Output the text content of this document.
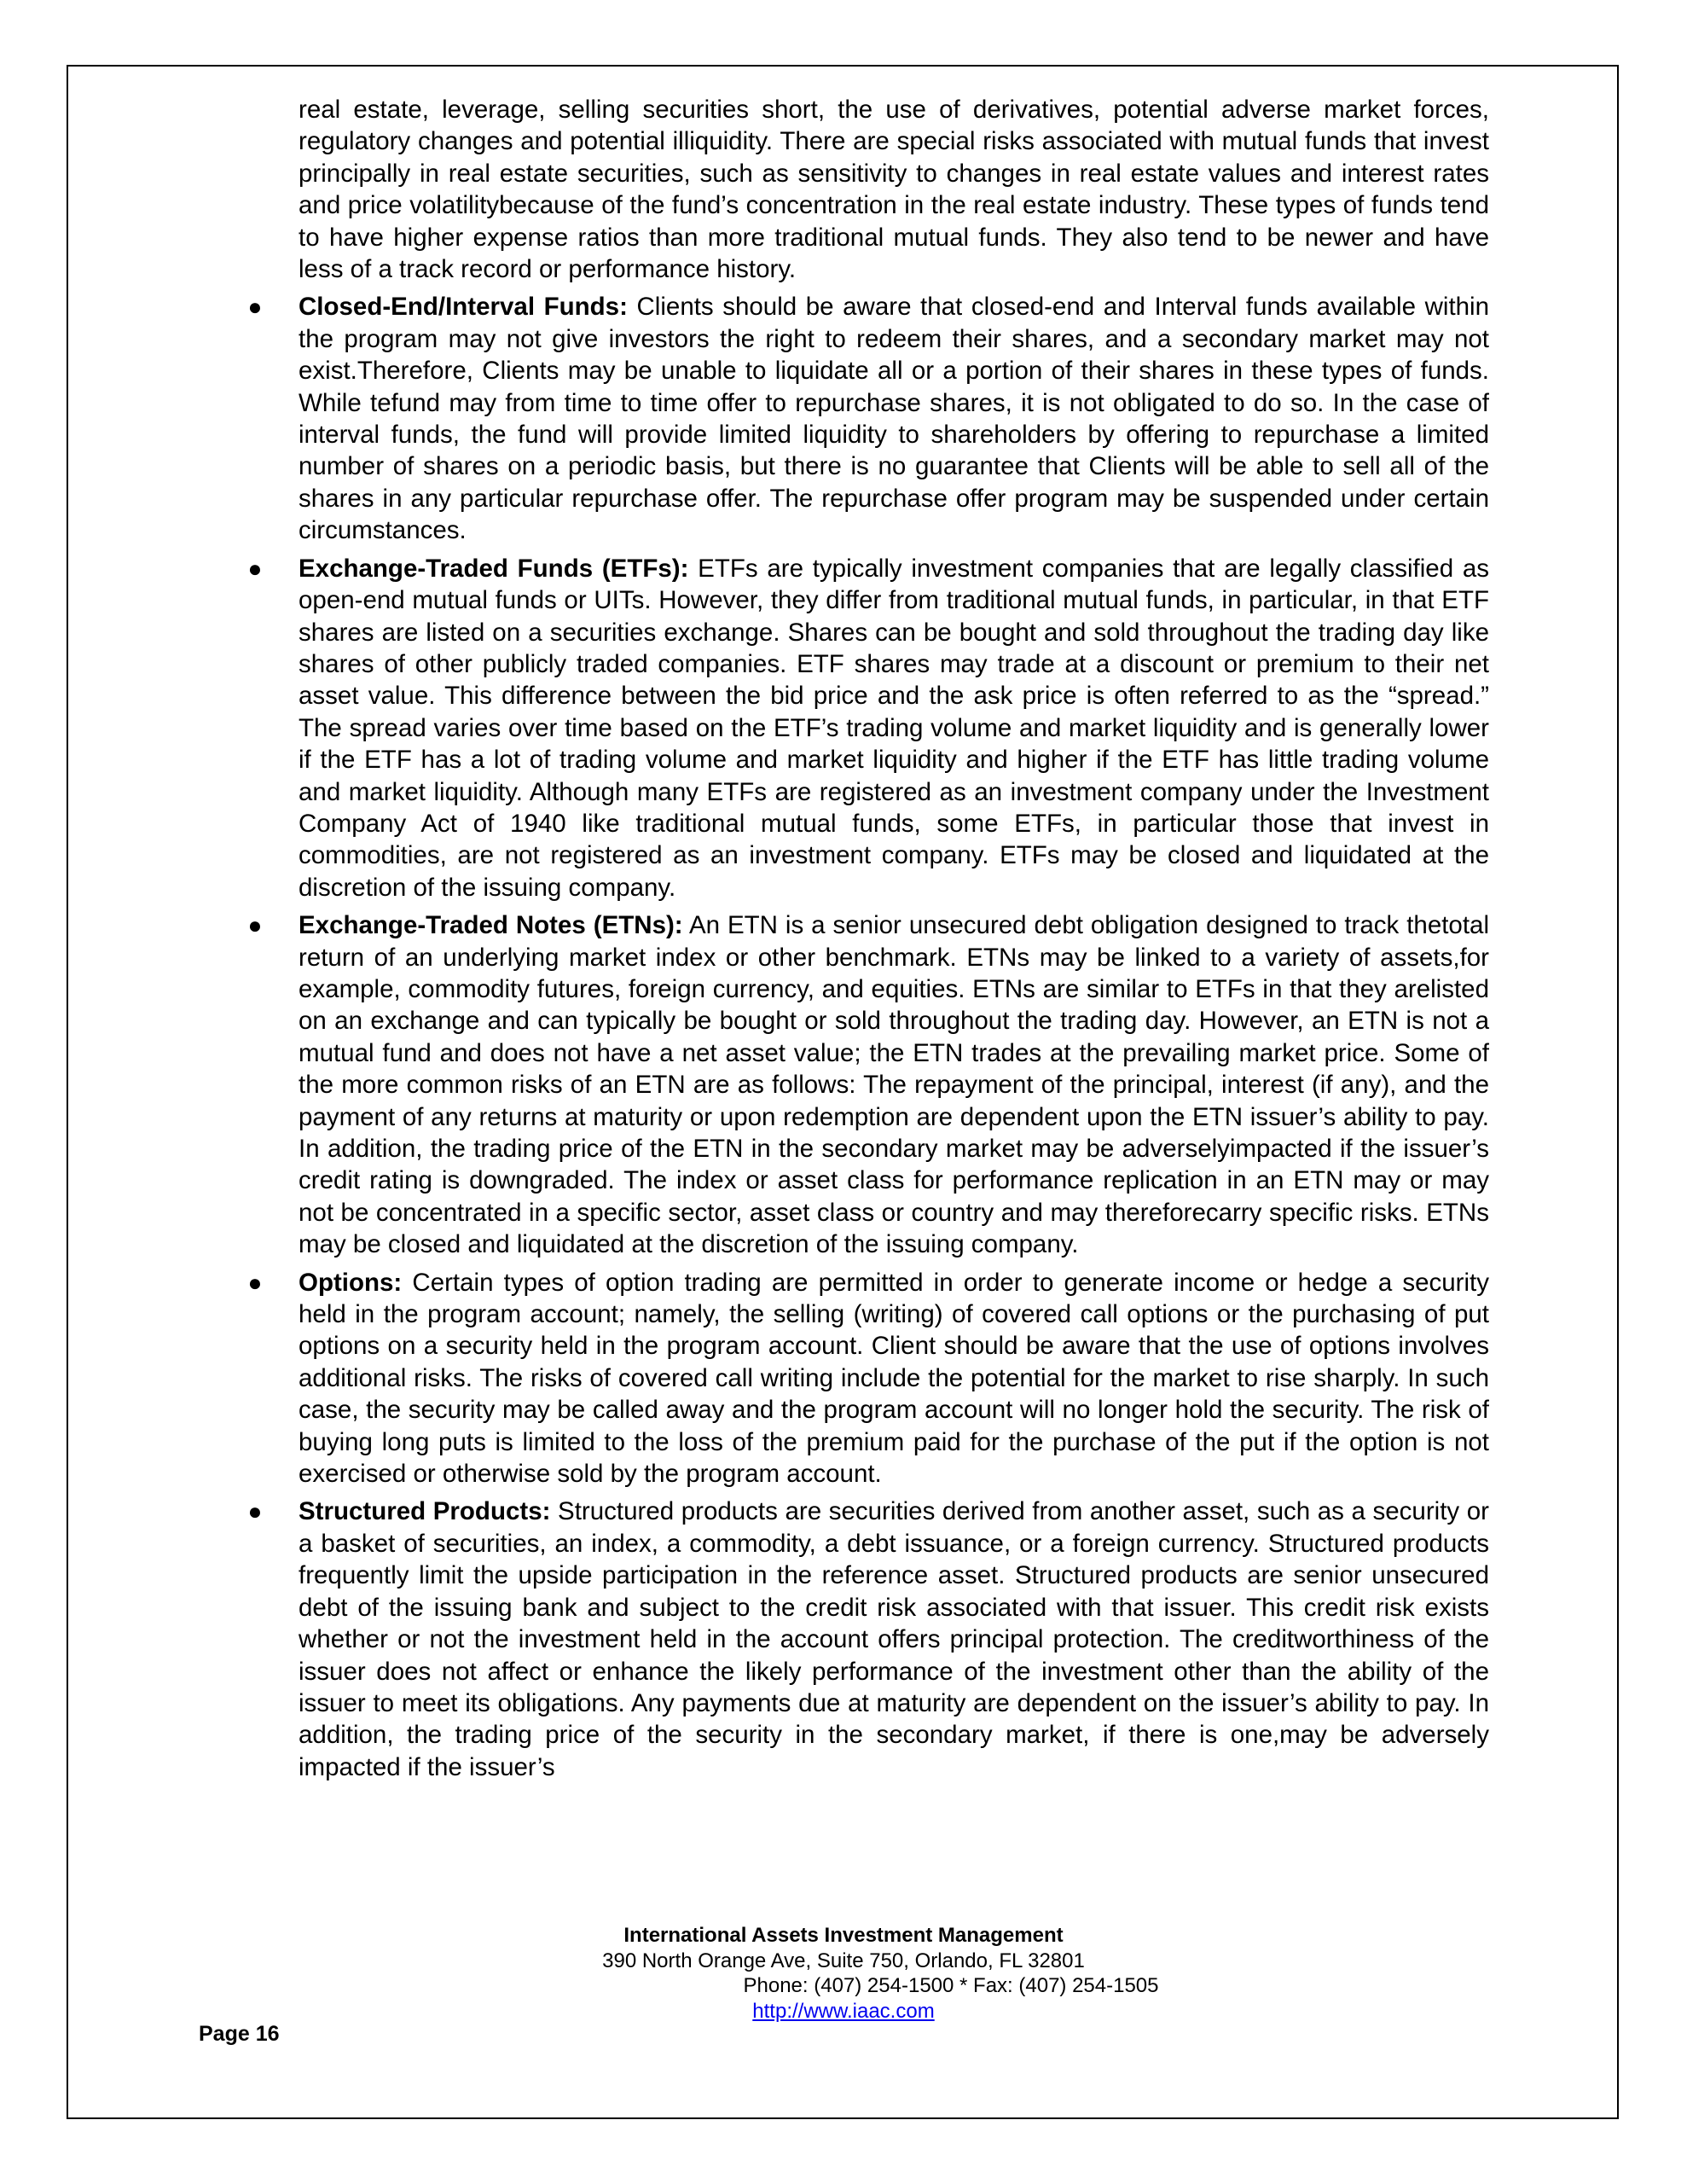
real estate, leverage, selling securities short, the use of derivatives, potential adverse market forces, regulatory changes and potential illiquidity. There are special risks associated with mutual funds that invest principally in real estate securities, such as sensitivity to changes in real estate values and interest rates and price volatilitybecause of the fund’s concentration in the real estate industry. These types of funds tend to have higher expense ratios than more traditional mutual funds. They also tend to be newer and have less of a track record or performance history.

● Closed-End/Interval Funds: Clients should be aware that closed-end and Interval funds available within the program may not give investors the right to redeem their shares, and a secondary market may not exist.Therefore, Clients may be unable to liquidate all or a portion of their shares in these types of funds. While tefund may from time to time offer to repurchase shares, it is not obligated to do so. In the case of interval funds, the fund will provide limited liquidity to shareholders by offering to repurchase a limited number of shares on a periodic basis, but there is no guarantee that Clients will be able to sell all of the shares in any particular repurchase offer. The repurchase offer program may be suspended under certain circumstances.
● Exchange-Traded Funds (ETFs): ETFs are typically investment companies that are legally classified as open-end mutual funds or UITs. However, they differ from traditional mutual funds, in particular, in that ETF shares are listed on a securities exchange. Shares can be bought and sold throughout the trading day like shares of other publicly traded companies. ETF shares may trade at a discount or premium to their net asset value. This difference between the bid price and the ask price is often referred to as the “spread.” The spread varies over time based on the ETF’s trading volume and market liquidity and is generally lower if the ETF has a lot of trading volume and market liquidity and higher if the ETF has little trading volume and market liquidity. Although many ETFs are registered as an investment company under the Investment Company Act of 1940 like traditional mutual funds, some ETFs, in particular those that invest in commodities, are not registered as an investment company. ETFs may be closed and liquidated at the discretion of the issuing company.
● Exchange-Traded Notes (ETNs): An ETN is a senior unsecured debt obligation designed to track thetotal return of an underlying market index or other benchmark. ETNs may be linked to a variety of assets,for example, commodity futures, foreign currency, and equities. ETNs are similar to ETFs in that they arelisted on an exchange and can typically be bought or sold throughout the trading day. However, an ETN is not a mutual fund and does not have a net asset value; the ETN trades at the prevailing market price. Some of the more common risks of an ETN are as follows: The repayment of the principal, interest (if any), and the payment of any returns at maturity or upon redemption are dependent upon the ETN issuer’s ability to pay. In addition, the trading price of the ETN in the secondary market may be adverselyimpacted if the issuer’s credit rating is downgraded. The index or asset class for performance replication in an ETN may or may not be concentrated in a specific sector, asset class or country and may thereforecarry specific risks. ETNs may be closed and liquidated at the discretion of the issuing company.
● Options: Certain types of option trading are permitted in order to generate income or hedge a security held in the program account; namely, the selling (writing) of covered call options or the purchasing of put options on a security held in the program account. Client should be aware that the use of options involves additional risks. The risks of covered call writing include the potential for the market to rise sharply. In such case, the security may be called away and the program account will no longer hold the security. The risk of buying long puts is limited to the loss of the premium paid for the purchase of the put if the option is not exercised or otherwise sold by the program account.
● Structured Products: Structured products are securities derived from another asset, such as a security or a basket of securities, an index, a commodity, a debt issuance, or a foreign currency. Structured products frequently limit the upside participation in the reference asset. Structured products are senior unsecured debt of the issuing bank and subject to the credit risk associated with that issuer. This credit risk exists whether or not the investment held in the account offers principal protection. The creditworthiness of the issuer does not affect or enhance the likely performance of the investment other than the ability of the issuer to meet its obligations. Any payments due at maturity are dependent on the issuer’s ability to pay. In addition, the trading price of the security in the secondary market, if there is one,may be adversely impacted if the issuer’s
International Assets Investment Management
390 North Orange Ave, Suite 750, Orlando, FL 32801
Phone: (407) 254-1500 * Fax: (407) 254-1505
http://www.iaac.com
Page 16
